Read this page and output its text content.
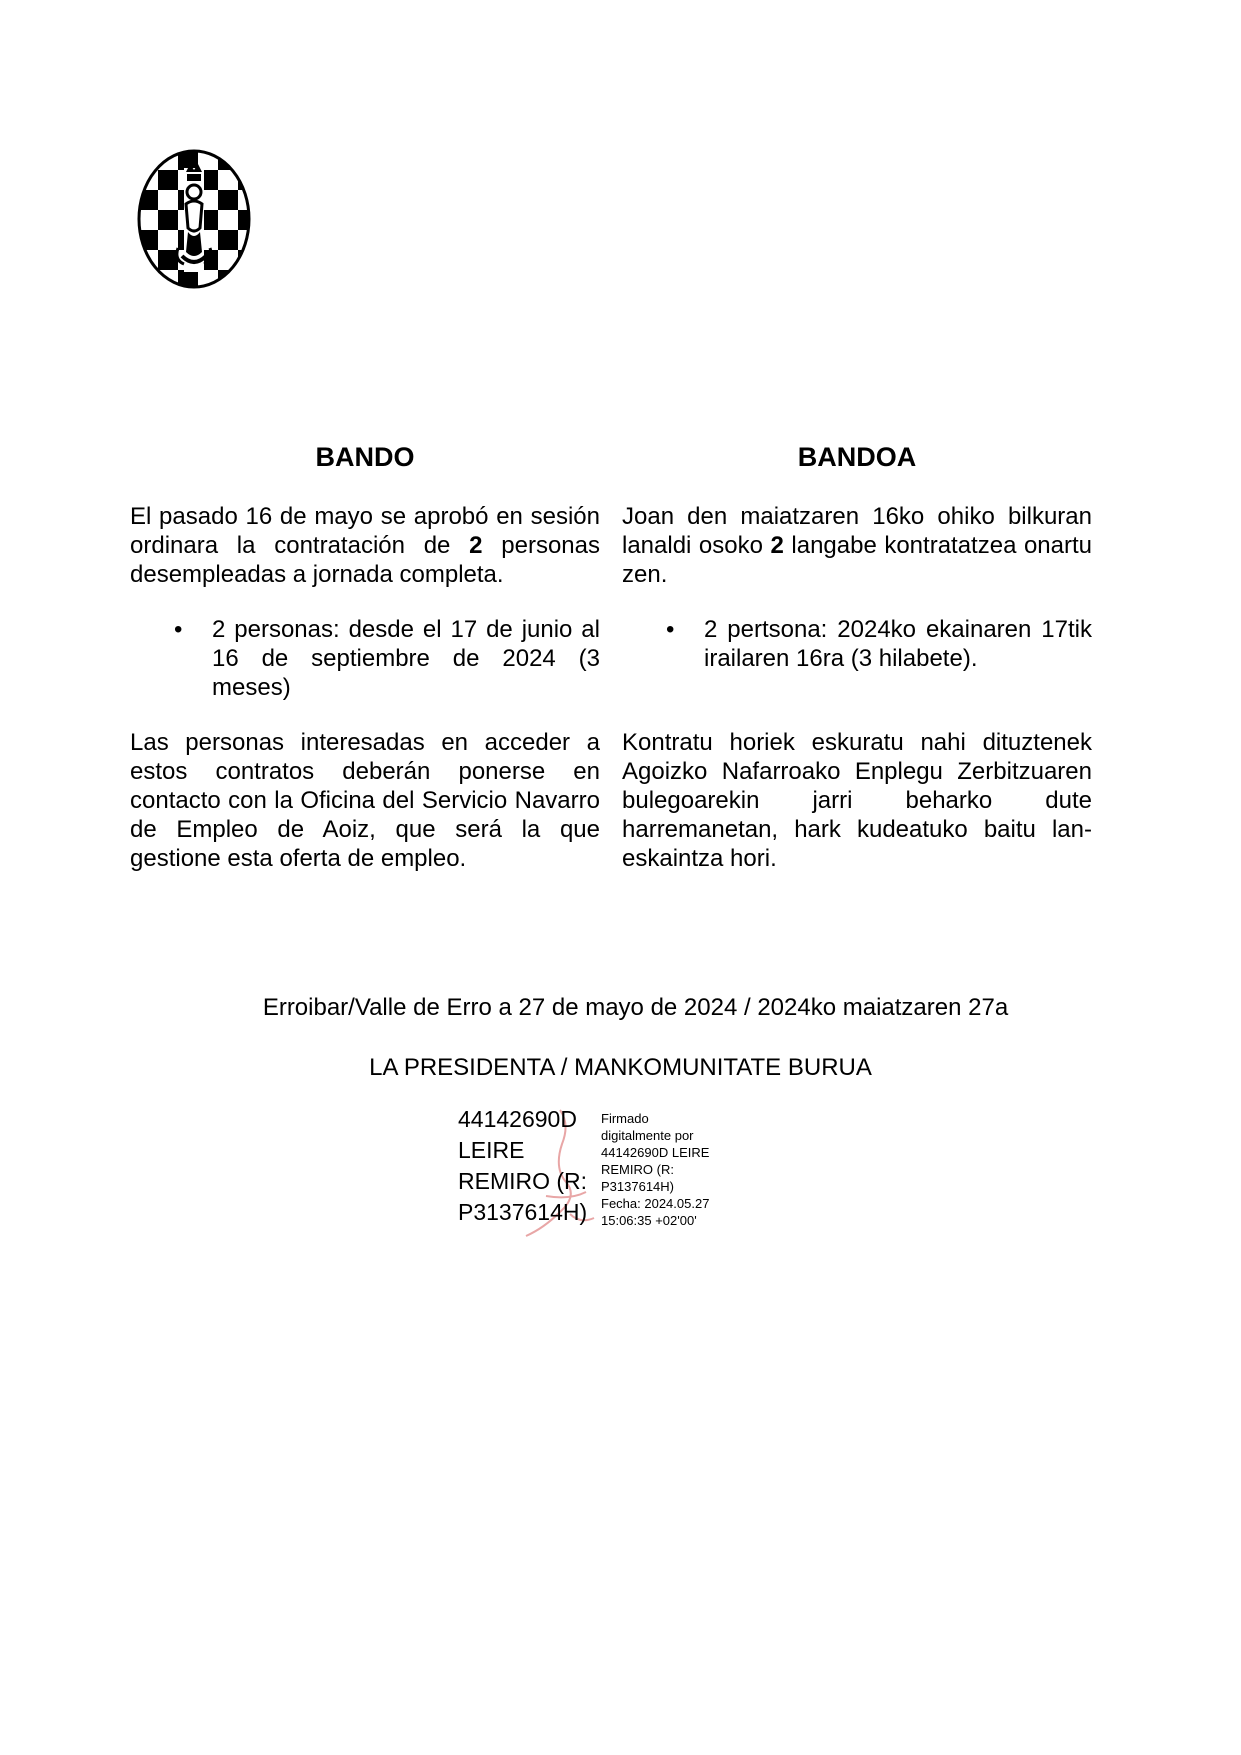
BANDO

El pasado 16 de mayo se aprobó en sesión ordinara la contratación de 2 personas desempleadas a jornada completa.

• 2 personas: desde el 17 de junio al 16 de septiembre de 2024 (3 meses)

Las personas interesadas en acceder a estos contratos deberán ponerse en contacto con la Oficina del Servicio Navarro de Empleo de Aoiz, que será la que gestione esta oferta de empleo.

BANDOA

Joan den maiatzaren 16ko ohiko bilkuran lanaldi osoko 2 langabe kontratatzea onartu zen.

• 2 pertsona: 2024ko ekainaren 17tik irailaren 16ra (3 hilabete).

Kontratu horiek eskuratu nahi dituztenek Agoizko Nafarroako Enplegu Zerbitzuaren bulegoarekin jarri beharko dute harremanetan, hark kudeatuko baitu lan-eskaintza hori.

Erroibar/Valle de Erro a 27 de mayo de 2024 / 2024ko maiatzaren 27a
LA PRESIDENTA / MANKOMUNITATE BURUA
44142690D
LEIRE
REMIRO (R:
P3137614H)
Firmado
digitalmente por
44142690D LEIRE
REMIRO (R:
P3137614H)
Fecha: 2024.05.27
15:06:35 +02'00'
